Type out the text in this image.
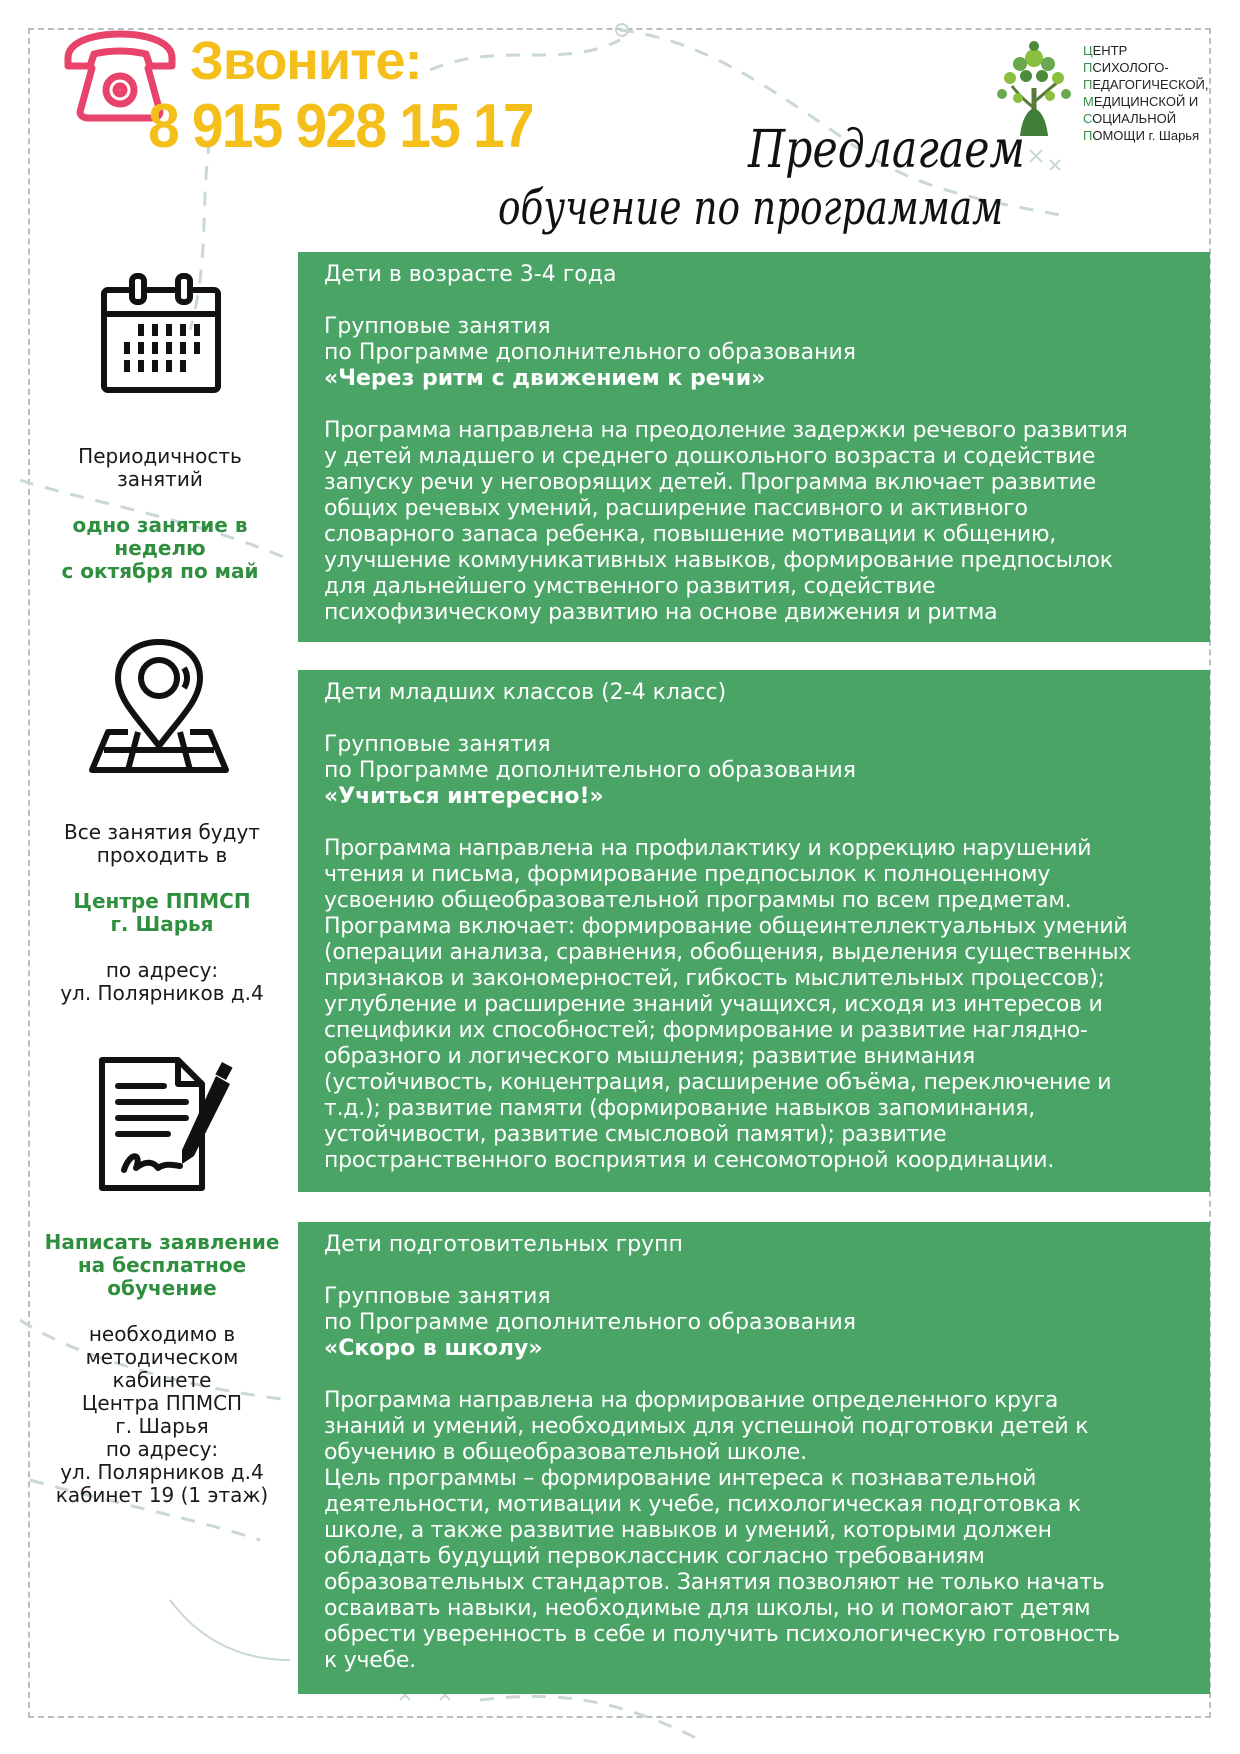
Звоните:
8 915 928 15 17
ЦЕНТР
ПСИХОЛОГО-
ПЕДАГОГИЧЕСКОЙ,
МЕДИЦИНСКОЙ И
СОЦИАЛЬНОЙ
ПОМОЩИ г. Шарья
Предлагаем
обучение по программам

Периодичность
занятий

одно занятие в неделю
с октября по май

Все занятия будут
проходить в

Центре ППМСП
г. Шарья

по адресу:
ул. Полярников д.4

Написать заявление
на бесплатное
обучение

необходимо в
методическом
кабинете
Центра ППМСП
г. Шарья
по адресу:
ул. Полярников д.4
кабинет 19 (1 этаж)

Дети в возрасте 3-4 года

Групповые занятия
по Программе дополнительного образования

«Через ритм с движением к речи»

Программа направлена на преодоление задержки речевого развития
у детей младшего и среднего дошкольного возраста и содействие
запуску речи у неговорящих детей. Программа включает развитие
общих речевых умений, расширение пассивного и активного
словарного запаса ребенка, повышение мотивации к общению,
улучшение коммуникативных навыков, формирование предпосылок
для дальнейшего умственного развития, содействие
психофизическому развитию на основе движения и ритма

Дети младших классов (2-4 класс)

Групповые занятия
по Программе дополнительного образования

«Учиться интересно!»

Программа направлена на профилактику и коррекцию нарушений
чтения и письма, формирование предпосылок к полноценному
усвоению общеобразовательной программы по всем предметам.
Программа включает: формирование общеинтеллектуальных умений
(операции анализа, сравнения, обобщения, выделения существенных
признаков и закономерностей, гибкость мыслительных процессов);
углубление и расширение знаний учащихся, исходя из интересов и
специфики их способностей; формирование и развитие наглядно-
образного и логического мышления; развитие внимания
(устойчивость, концентрация, расширение объёма, переключение и
т.д.); развитие памяти (формирование навыков запоминания,
устойчивости, развитие смысловой памяти); развитие
пространственного восприятия и сенсомоторной координации.

Дети подготовительных групп

Групповые занятия
по Программе дополнительного образования

«Скоро в школу»

Программа направлена на формирование определенного круга
знаний и умений, необходимых для успешной подготовки детей к
обучению в общеобразовательной школе.
Цель программы – формирование интереса к познавательной
деятельности, мотивации к учебе, психологическая подготовка к
школе, а также развитие навыков и умений, которыми должен
обладать будущий первоклассник согласно требованиям
образовательных стандартов. Занятия позволяют не только начать
осваивать навыки, необходимые для школы, но и помогают детям
обрести уверенность в себе и получить психологическую готовность
к учебе.
